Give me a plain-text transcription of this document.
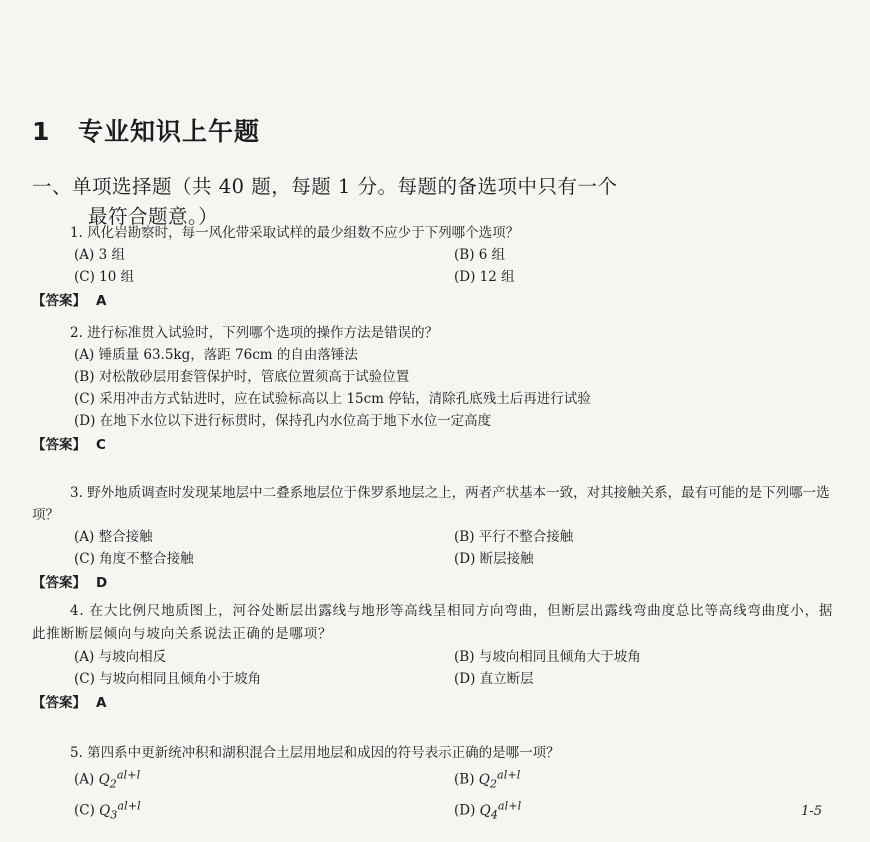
1 专业知识上午题
一、单项选择题（共 40 题，每题 1 分。每题的备选项中只有一个
最符合题意。）
1. 风化岩勘察时，每一风化带采取试样的最少组数不应少于下列哪个选项？
(A) 3 组	(B) 6 组
(C) 10 组	(D) 12 组
【答案】 A
2. 进行标准贯入试验时，下列哪个选项的操作方法是错误的？
(A) 锤质量 63.5kg，落距 76cm 的自由落锤法
(B) 对松散砂层用套管保护时，管底位置须高于试验位置
(C) 采用冲击方式钻进时，应在试验标高以上 15cm 停钻，清除孔底残土后再进行试验
(D) 在地下水位以下进行标贯时，保持孔内水位高于地下水位一定高度
【答案】 C
3. 野外地质调查时发现某地层中二叠系地层位于侏罗系地层之上，两者产状基本一致，对其接触关系，最有可能的是下列哪一选项？
(A) 整合接触	(B) 平行不整合接触
(C) 角度不整合接触	(D) 断层接触
【答案】 D
4. 在大比例尺地质图上，河谷处断层出露线与地形等高线呈相同方向弯曲，但断层出露线弯曲度总比等高线弯曲度小，据此推断断层倾向与坡向关系说法正确的是哪项？
(A) 与坡向相反	(B) 与坡向相同且倾角大于坡角
(C) 与坡向相同且倾角小于坡角	(D) 直立断层
【答案】 A
5. 第四系中更新统冲积和湖积混合土层用地层和成因的符号表示正确的是哪一项？
(A) $Q_2^{al+l}$	(B) $Q_2^{al+l}$
(C) $Q_3^{al+l}$	(D) $Q_4^{al+l}$	1-5
